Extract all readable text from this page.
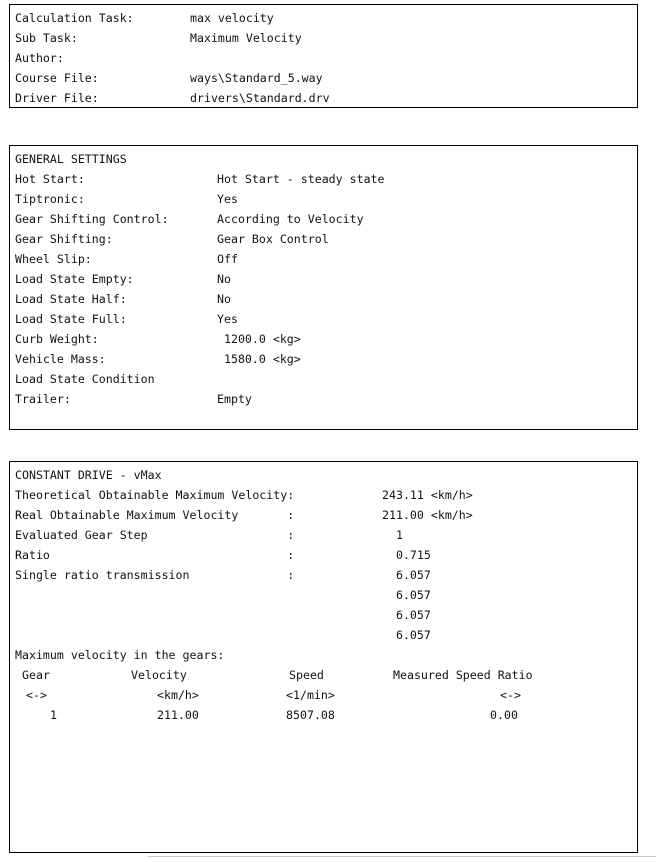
Calculation Task:	max velocity
Sub Task:	Maximum Velocity
Author:
Course File:	ways\Standard_5.way
Driver File:	drivers\Standard.drv
GENERAL SETTINGS
Hot Start:	Hot Start - steady state
Tiptronic:	Yes
Gear Shifting Control:	According to Velocity
Gear Shifting:	Gear Box Control
Wheel Slip:	Off
Load State Empty:	No
Load State Half:	No
Load State Full:	Yes
Curb Weight:	1200.0 <kg>
Vehicle Mass:	1580.0 <kg>
Load State Condition
Trailer:	Empty
CONSTANT DRIVE - vMax
Theoretical Obtainable Maximum Velocity:	243.11 <km/h>
Real Obtainable Maximum Velocity       :	211.00 <km/h>
Evaluated Gear Step                    :	1
Ratio                                  :	0.715
Single ratio transmission              :	6.057
6.057
6.057
6.057
Maximum velocity in the gears:
Gear	Velocity	Speed	Measured Speed Ratio
<->	<km/h>	<1/min>	<->
1	211.00	8507.08	0.00
